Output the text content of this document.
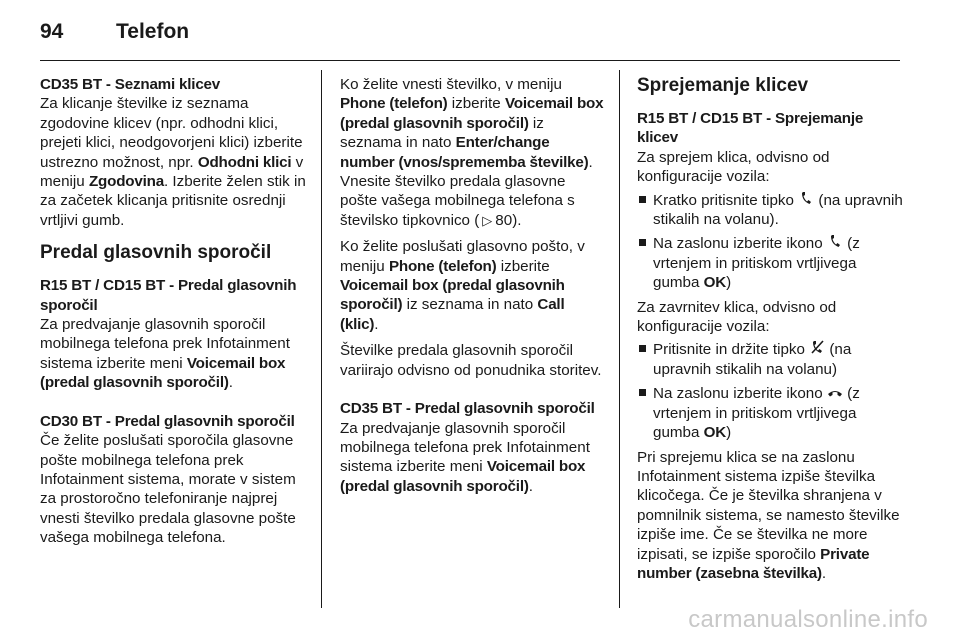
94	Telefon

CD35 BT - Seznami klicev

Za klicanje številke iz seznama zgodovine klicev (npr. odhodni klici, prejeti klici, neodgovorjeni klici) izberite ustrezno možnost, npr. Odhodni klici v meniju Zgodovina. Izberite želen stik in za začetek klicanja pritisnite osrednji vrtljivi gumb.

Predal glasovnih sporočil

R15 BT / CD15 BT - Predal glasovnih sporočil

Za predvajanje glasovnih sporočil mobilnega telefona prek Infotainment sistema izberite meni Voicemail box (predal glasovnih sporočil).

CD30 BT - Predal glasovnih sporočil

Če želite poslušati sporočila glasovne pošte mobilnega telefona prek Infotainment sistema, morate v sistem za prostoročno telefoniranje najprej vnesti številko predala glasovne pošte vašega mobilnega telefona.

Ko želite vnesti številko, v meniju Phone (telefon) izberite Voicemail box (predal glasovnih sporočil) iz seznama in nato Enter/change number (vnos/sprememba številke). Vnesite številko predala glasovne pošte vašega mobilnega telefona s številsko tipkovnico ( ▷ 80).

Ko želite poslušati glasovno pošto, v meniju Phone (telefon) izberite Voicemail box (predal glasovnih sporočil) iz seznama in nato Call (klic).

Številke predala glasovnih sporočil variirajo odvisno od ponudnika storitev.

CD35 BT - Predal glasovnih sporočil

Za predvajanje glasovnih sporočil mobilnega telefona prek Infotainment sistema izberite meni Voicemail box (predal glasovnih sporočil).

Sprejemanje klicev

R15 BT / CD15 BT - Sprejemanje klicev

Za sprejem klica, odvisno od konfiguracije vozila:

Kratko pritisnite tipko  (na upravnih stikalih na volanu).
Na zaslonu izberite ikono  (z vrtenjem in pritiskom vrtljivega gumba OK)

Za zavrnitev klica, odvisno od konfiguracije vozila:

Pritisnite in držite tipko  (na upravnih stikalih na volanu)
Na zaslonu izberite ikono  (z vrtenjem in pritiskom vrtljivega gumba OK)

Pri sprejemu klica se na zaslonu Infotainment sistema izpiše številka klicočega. Če je številka shranjena v pomnilnik sistema, se namesto številke izpiše ime. Če se številka ne more izpisati, se izpiše sporočilo Private number (zasebna številka).

carmanualsonline.info
